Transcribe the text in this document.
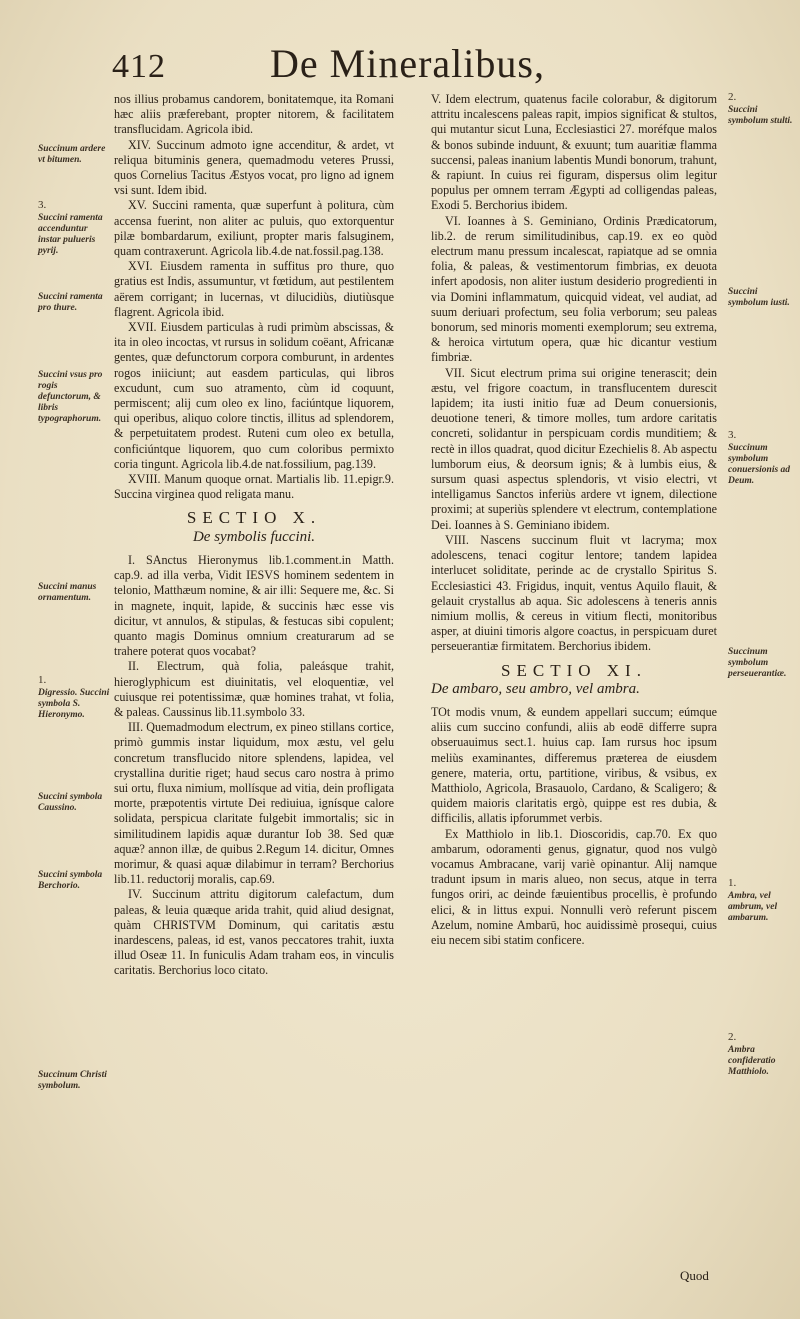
412	De Mineralibus,

nos illius probamus candorem, bonitatemque, ita Romani hæc aliis præferebant, propter nitorem, & facilitatem transflucidam. Agricola ibid.

XIV. Succinum admoto igne accenditur, & ardet, vt reliqua bituminis genera, quemadmodu veteres Prussi, quos Cornelius Tacitus Æstyos vocat, pro ligno ad ignem vsi sunt. Idem ibid.

XV. Succini ramenta, quæ superfunt à politura, cùm accensa fuerint, non aliter ac puluis, quo extorquentur pilæ bombardarum, exiliunt, propter maris falsuginem, quam contraxerunt. Agricola lib.4.de nat.fossil.pag.138.

XVI. Eiusdem ramenta in suffitus pro thure, quo gratius est Indis, assumuntur, vt fœtidum, aut pestilentem aërem corrigant; in lucernas, vt dilucidiùs, diutiùsque flagrent. Agricola ibid.

XVII. Eiusdem particulas à rudi primùm abscissas, & ita in oleo incoctas, vt rursus in solidum coëant, Africanæ gentes, quæ defunctorum corpora comburunt, in ardentes rogos iniiciunt; aut easdem particulas, qui libros excudunt, cum suo atramento, cùm id coquunt, permiscent; alij cum oleo ex lino, faciúntque liquorem, qui operibus, aliquo colore tinctis, illitus ad splendorem, & perpetuitatem prodest. Ruteni cum oleo ex betulla, conficiúntque liquorem, quo cum coloribus permixto coria tingunt. Agricola lib.4.de nat.fossilium, pag.139.

XVIII. Manum quoque ornat. Martialis lib. 11.epigr.9. Succina virginea quod religata manu.

SECTIO X.
De symbolis fuccini.

I. SAnctus Hieronymus lib.1.comment.in Matth. cap.9. ad illa verba, Vidit IESVS hominem sedentem in telonio, Matthæum nomine, & air illi: Sequere me, &c. Si in magnete, inquit, lapide, & succinis hæc esse vis dicitur, vt annulos, & stipulas, & festucas sibi copulent; quanto magis Dominus omnium creaturarum ad se trahere poterat quos vocabat?

II. Electrum, quà folia, paleásque trahit, hieroglyphicum est diuinitatis, vel eloquentiæ, vel cuiusque rei potentissimæ, quæ homines trahat, vt folia, & paleas. Caussinus lib.11.symbolo 33.

III. Quemadmodum electrum, ex pineo stillans cortice, primò gummis instar liquidum, mox æstu, vel gelu concretum transflucido nitore splendens, lapidea, vel crystallina duritie riget; haud secus caro nostra à primo sui ortu, fluxa nimium, mollísque ad vitia, dein profligata morte, præpotentis virtute Dei rediuiua, ignísque calore solidata, perspicua claritate fulgebit immortalis; sic in similitudinem lapidis aquæ durantur Iob 38. Sed quæ aquæ? annon illæ, de quibus 2.Regum 14. dicitur, Omnes morimur, & quasi aquæ dilabimur in terram? Berchorius lib.11. reductorij moralis, cap.69.

IV. Succinum attritu digitorum calefactum, dum paleas, & leuia quæque arida trahit, quid aliud designat, quàm CHRISTVM Dominum, qui caritatis æstu inardescens, paleas, id est, vanos peccatores trahit, iuxta illud Oseæ 11. In funiculis Adam traham eos, in vinculis caritatis. Berchorius loco citato.

V. Idem electrum, quatenus facile colorabur, & digitorum attritu incalescens paleas rapit, impios significat & stultos, qui mutantur sicut Luna, Ecclesiastici 27. moréfque malos & bonos subinde induunt, & exuunt; tum auaritiæ flamma succensi, paleas inanium labentis Mundi bonorum, trahunt, & rapiunt. In cuius rei figuram, dispersus olim legitur populus per omnem terram Ægypti ad colligendas paleas, Exodi 5. Berchorius ibidem.

VI. Ioannes à S. Geminiano, Ordinis Prædicatorum, lib.2. de rerum similitudinibus, cap.19. ex eo quòd electrum manu pressum incalescat, rapiatque ad se omnia folia, & paleas, & vestimentorum fimbrias, ex deuota infert apodosis, non aliter iustum desiderio progredienti in via Domini inflammatum, quicquid videat, vel audiat, ad suum deriuari profectum, seu folia verborum; seu paleas bonorum, sed minoris momenti exemplorum; seu extrema, & heroica virtutum opera, quæ hic dicantur vestium fimbriæ.

VII. Sicut electrum prima sui origine tenerascit; dein æstu, vel frigore coactum, in transflucentem durescit lapidem; ita iusti initio fuæ ad Deum conuersionis, deuotione teneri, & timore molles, tum ardore caritatis concreti, solidantur in perspicuam cordis munditiem; & rectè in illos quadrat, quod dicitur Ezechielis 8. Ab aspectu lumborum eius, & deorsum ignis; & à lumbis eius, & sursum quasi aspectus splendoris, vt visio electri, vt intelligamus Sanctos inferiùs ardere vt ignem, dilectione proximi; at superiùs splendere vt electrum, contemplatione Dei. Ioannes à S. Geminiano ibidem.

VIII. Nascens succinum fluit vt lacryma; mox adolescens, tenaci cogitur lentore; tandem lapidea interlucet soliditate, perinde ac de crystallo Spiritus S. Ecclesiastici 43. Frigidus, inquit, ventus Aquilo flauit, & gelauit crystallus ab aqua. Sic adolescens à teneris annis nimium mollis, & cereus in vitium flecti, monitoribus asper, at diuini timoris algore coactus, in perspicuam duret perseuerantiæ firmitatem. Berchorius ibidem.

SECTIO XI.
De ambaro, seu ambro, vel ambra.

TOt modis vnum, & eundem appellari succum; eúmque aliis cum succino confundi, aliis ab eodē differre supra obseruauimus sect.1. huius cap. Iam rursus hoc ipsum meliùs examinantes, differemus præterea de eiusdem genere, materia, ortu, partitione, viribus, & vsibus, ex Matthiolo, Agricola, Brasauolo, Cardano, & Scaligero; & quidem maioris claritatis ergò, quippe est res dubia, & difficilis, allatis ipforummet verbis.

Ex Matthiolo in lib.1. Dioscoridis, cap.70. Ex quo ambarum, odoramenti genus, gignatur, quod nos vulgò vocamus Ambracane, varij variè opinantur. Alij namque tradunt ipsum in maris alueo, non secus, atque in terra fungos oriri, ac deinde fæuientibus procellis, è profundo elici, & in littus expui. Nonnulli verò referunt piscem Azelum, nomine Ambarū, hoc auidissimè prosequi, cuius eiu necem sibi statim conficere.

Succinum ardere vt bitumen.
3.
Succini ramenta accenduntur instar pulueris pyrij.
Succini ramenta pro thure.
Succini vsus pro rogis defunctorum, & libris typographorum.
Succini manus ornamentum.
1.
Digressio. Succini symbola S. Hieronymo.
Succini symbola Caussino.
Succini symbola Berchorio.
Succinum Christi symbolum.
2.
Succini symbolum stulti.
Succini symbolum iusti.
3.
Succinum symbolum conuersionis ad Deum.
Succinum symbolum perseuerantiæ.
1.
Ambra, vel ambrum, vel ambarum.
2.
Ambra confideratio Matthiolo.
Quod
